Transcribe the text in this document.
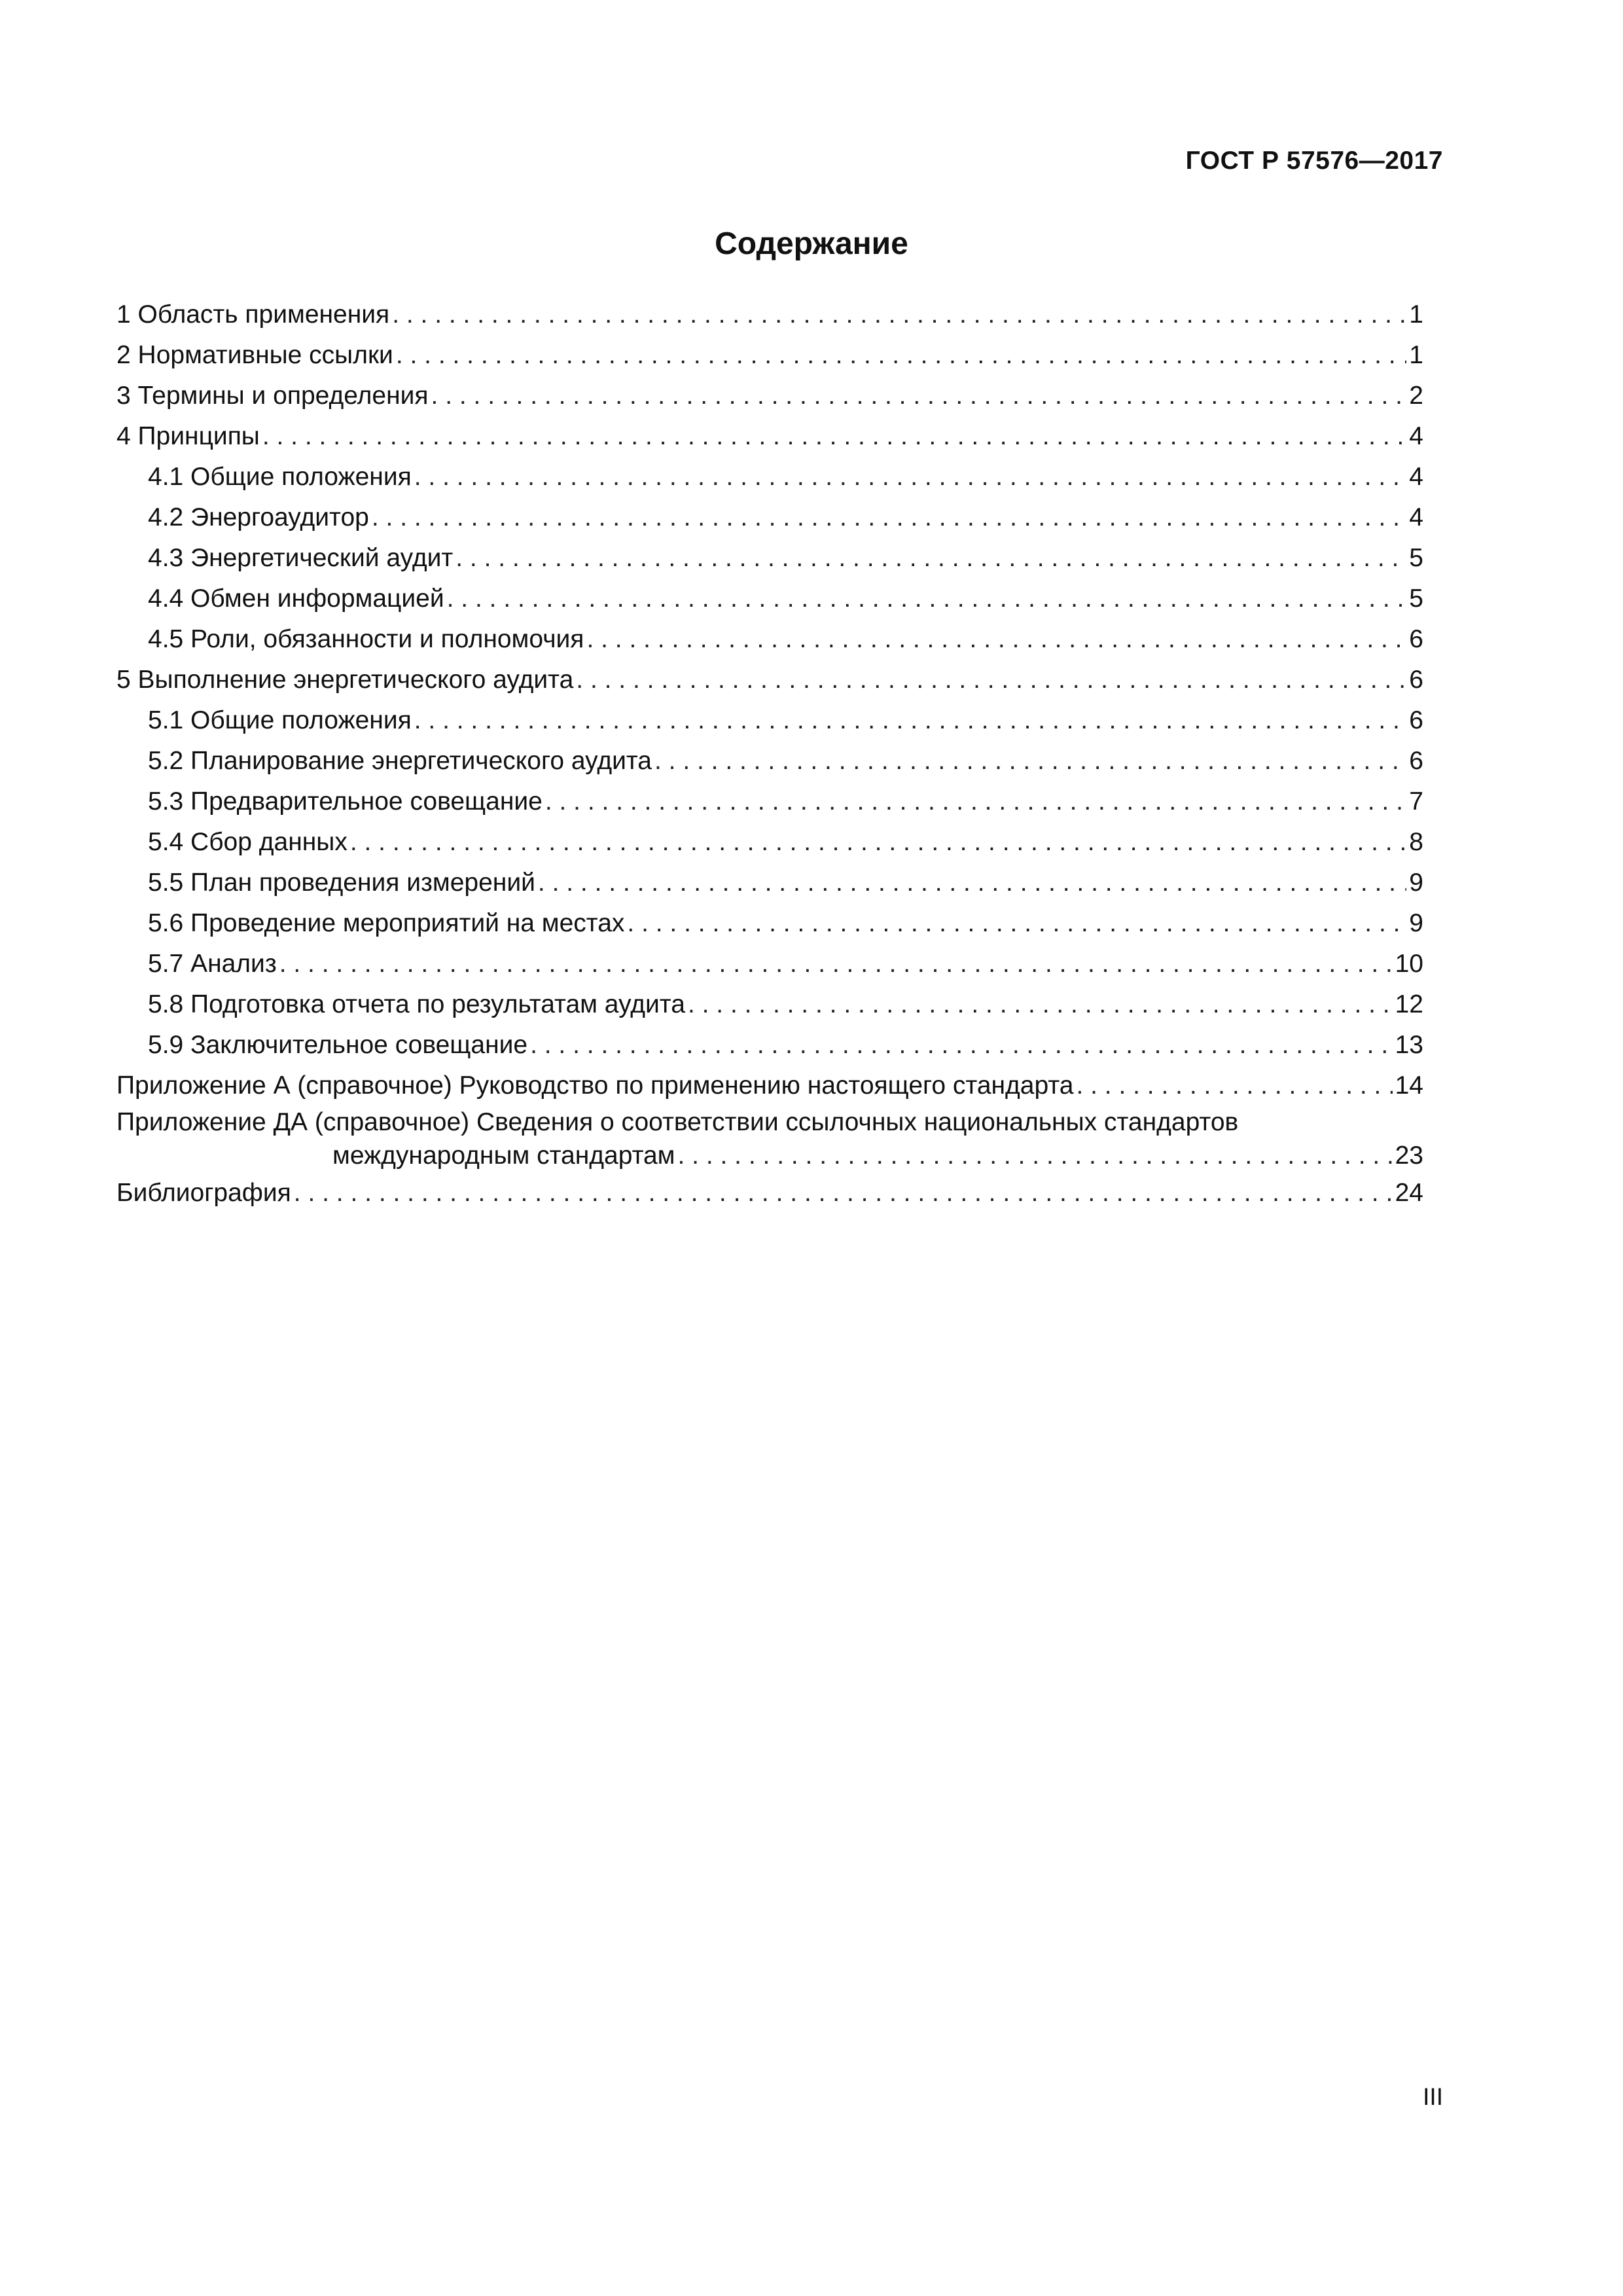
ГОСТ Р 57576—2017
Содержание
1 Область применения . . .	1
2 Нормативные ссылки . . .	1
3 Термины и определения . . .	2
4 Принципы . . .	4
4.1 Общие положения . . .	4
4.2 Энергоаудитор . . .	4
4.3 Энергетический аудит . . .	5
4.4 Обмен информацией . . .	5
4.5 Роли, обязанности и полномочия . . .	6
5 Выполнение энергетического аудита . . .	6
5.1 Общие положения . . .	6
5.2 Планирование энергетического аудита . . .	6
5.3 Предварительное совещание . . .	7
5.4 Сбор данных . . .	8
5.5 План проведения измерений . . .	9
5.6 Проведение мероприятий на местах . . .	9
5.7 Анализ . . .	10
5.8 Подготовка отчета по результатам аудита . . .	12
5.9 Заключительное совещание . . .	13
Приложение А (справочное) Руководство по применению настоящего стандарта . . .	14
Приложение ДА (справочное) Сведения о соответствии ссылочных национальных стандартов
международным стандартам . . .	23
Библиография . . .	24
III
